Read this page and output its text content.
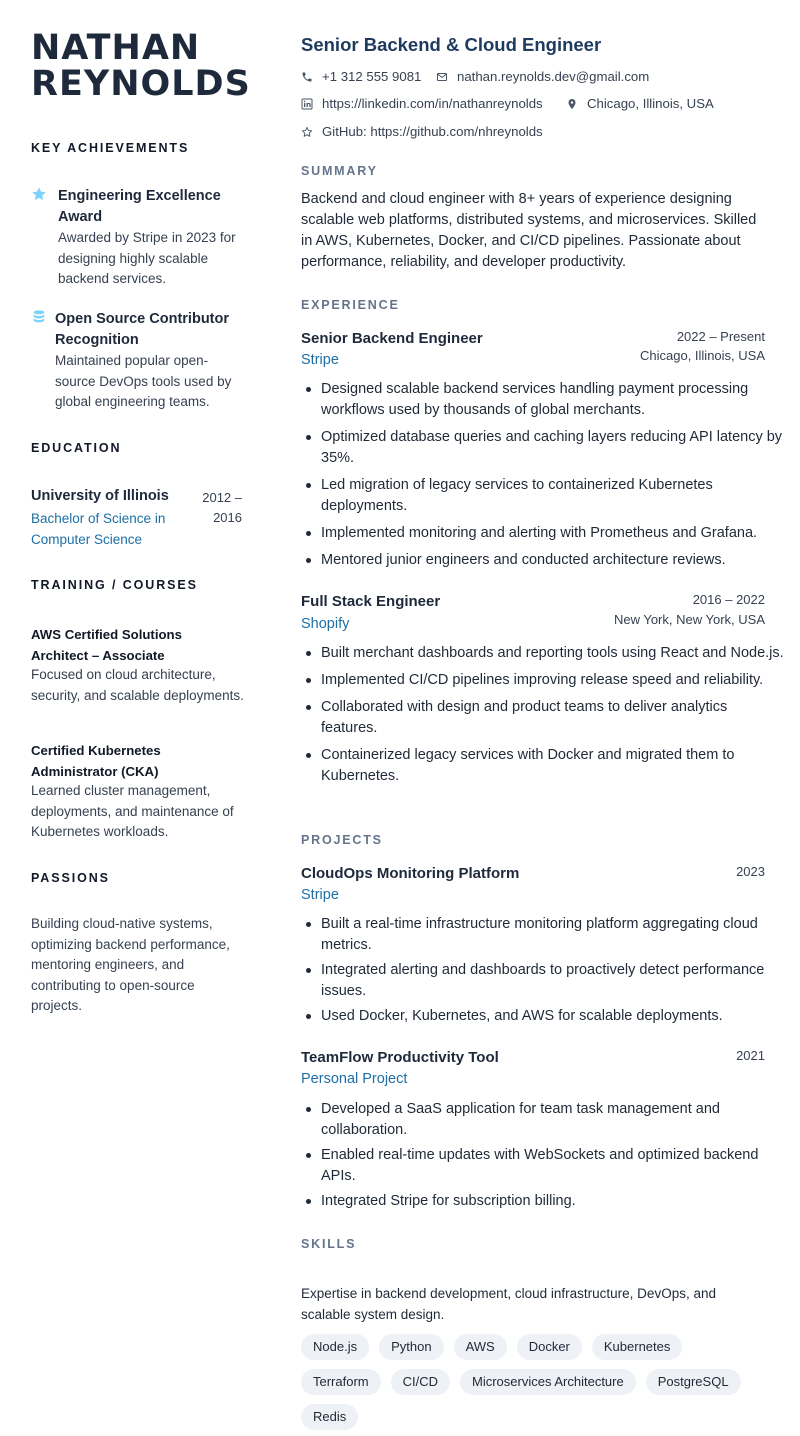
NATHAN REYNOLDS
KEY ACHIEVEMENTS
Engineering Excellence Award
Awarded by Stripe in 2023 for designing highly scalable backend services.
Open Source Contributor Recognition
Maintained popular open-source DevOps tools used by global engineering teams.
EDUCATION
University of Illinois	2012 – 2016
Bachelor of Science in Computer Science
TRAINING / COURSES
AWS Certified Solutions Architect – Associate
Focused on cloud architecture, security, and scalable deployments.
Certified Kubernetes Administrator (CKA)
Learned cluster management, deployments, and maintenance of Kubernetes workloads.
PASSIONS
Building cloud-native systems, optimizing backend performance, mentoring engineers, and contributing to open-source projects.
Senior Backend & Cloud Engineer
+1 312 555 9081	nathan.reynolds.dev@gmail.com
https://linkedin.com/in/nathanreynolds	Chicago, Illinois, USA
GitHub: https://github.com/nhreynolds
SUMMARY

Backend and cloud engineer with 8+ years of experience designing scalable web platforms, distributed systems, and microservices. Skilled in AWS, Kubernetes, Docker, and CI/CD pipelines. Passionate about performance, reliability, and developer productivity.

EXPERIENCE
Senior Backend Engineer	2022 – Present
Stripe	Chicago, Illinois, USA
Designed scalable backend services handling payment processing workflows used by thousands of global merchants.
Optimized database queries and caching layers reducing API latency by 35%.
Led migration of legacy services to containerized Kubernetes deployments.
Implemented monitoring and alerting with Prometheus and Grafana.
Mentored junior engineers and conducted architecture reviews.
Full Stack Engineer	2016 – 2022
Shopify	New York, New York, USA
Built merchant dashboards and reporting tools using React and Node.js.
Implemented CI/CD pipelines improving release speed and reliability.
Collaborated with design and product teams to deliver analytics features.
Containerized legacy services with Docker and migrated them to Kubernetes.
PROJECTS
CloudOps Monitoring Platform	2023
Stripe
Built a real-time infrastructure monitoring platform aggregating cloud metrics.
Integrated alerting and dashboards to proactively detect performance issues.
Used Docker, Kubernetes, and AWS for scalable deployments.
TeamFlow Productivity Tool	2021
Personal Project
Developed a SaaS application for team task management and collaboration.
Enabled real-time updates with WebSockets and optimized backend APIs.
Integrated Stripe for subscription billing.
SKILLS
Expertise in backend development, cloud infrastructure, DevOps, and scalable system design.
Node.js	Python	AWS	Docker	Kubernetes
Terraform	CI/CD	Microservices Architecture	PostgreSQL
Redis
